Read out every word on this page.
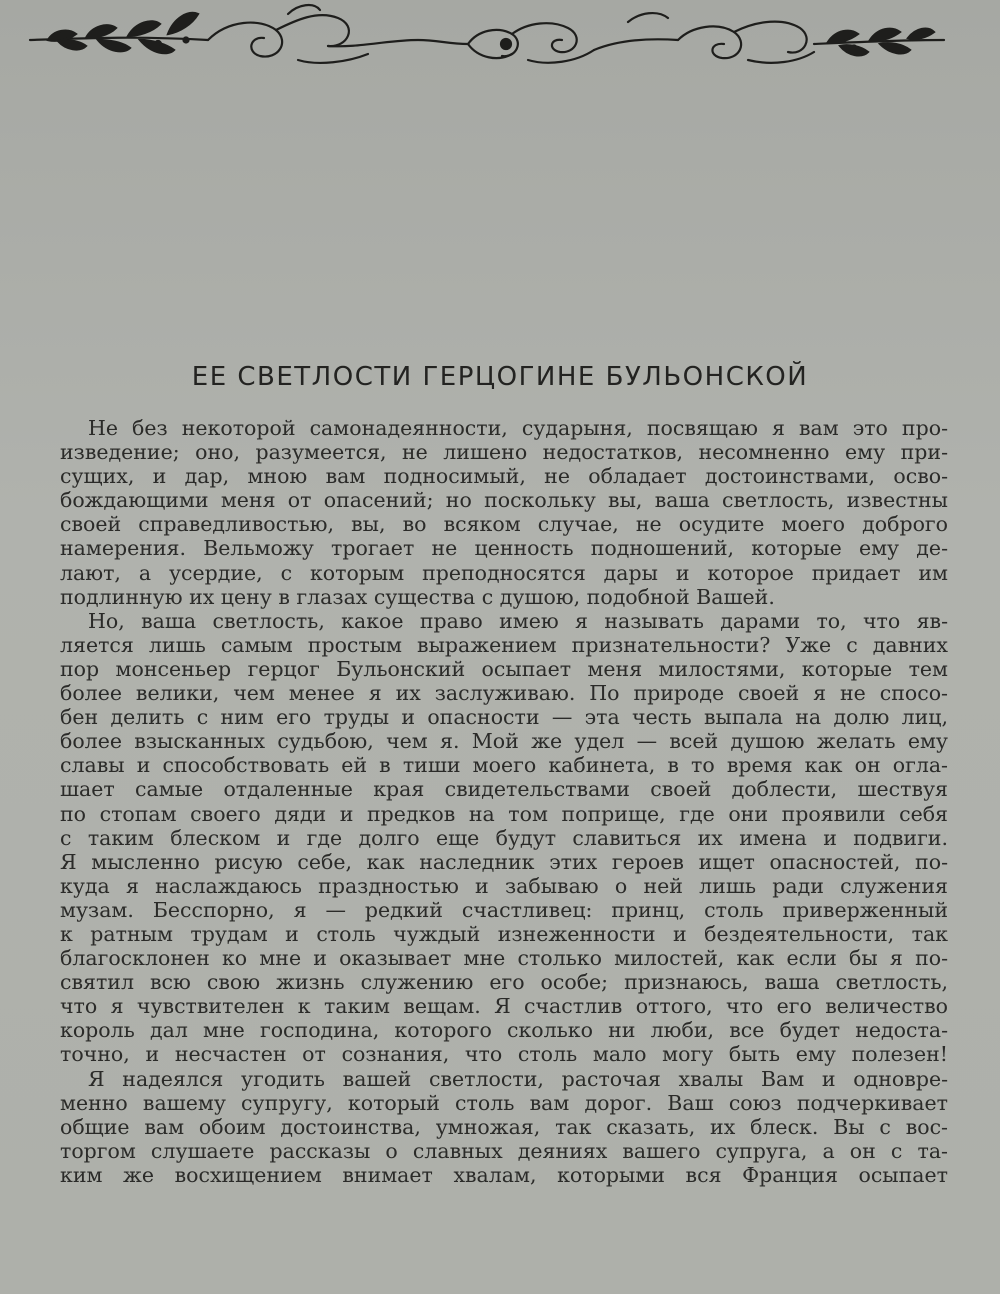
ЕЕ СВЕТЛОСТИ ГЕРЦОГИНЕ БУЛЬОНСКОЙ
Не без некоторой самонадеянности, сударыня, посвящаю я вам это про-
изведение; оно, разумеется, не лишено недостатков, несомненно ему при-
сущих, и дар, мною вам подносимый, не обладает достоинствами, осво-
бождающими меня от опасений; но поскольку вы, ваша светлость, известны
своей справедливостью, вы, во всяком случае, не осудите моего доброго
намерения. Вельможу трогает не ценность подношений, которые ему де-
лают, а усердие, с которым преподносятся дары и которое придает им
подлинную их цену в глазах существа с душою, подобной Вашей.
Но, ваша светлость, какое право имею я называть дарами то, что яв-
ляется лишь самым простым выражением признательности? Уже с давних
пор монсеньер герцог Бульонский осыпает меня милостями, которые тем
более велики, чем менее я их заслуживаю. По природе своей я не спосо-
бен делить с ним его труды и опасности — эта честь выпала на долю лиц,
более взысканных судьбою, чем я. Мой же удел — всей душою желать ему
славы и способствовать ей в тиши моего кабинета, в то время как он огла-
шает самые отдаленные края свидетельствами своей доблести, шествуя
по стопам своего дяди и предков на том поприще, где они проявили себя
с таким блеском и где долго еще будут славиться их имена и подвиги.
Я мысленно рисую себе, как наследник этих героев ищет опасностей, по-
куда я наслаждаюсь праздностью и забываю о ней лишь ради служения
музам. Бесспорно, я — редкий счастливец: принц, столь приверженный
к ратным трудам и столь чуждый изнеженности и бездеятельности, так
благосклонен ко мне и оказывает мне столько милостей, как если бы я по-
святил всю свою жизнь служению его особе; признаюсь, ваша светлость,
что я чувствителен к таким вещам. Я счастлив оттого, что его величество
король дал мне господина, которого сколько ни люби, все будет недоста-
точно, и несчастен от сознания, что столь мало могу быть ему полезен!
Я надеялся угодить вашей светлости, расточая хвалы Вам и одновре-
менно вашему супругу, который столь вам дорог. Ваш союз подчеркивает
общие вам обоим достоинства, умножая, так сказать, их блеск. Вы с вос-
торгом слушаете рассказы о славных деяниях вашего супруга, а он с та-
ким же восхищением внимает хвалам, которыми вся Франция осыпает
